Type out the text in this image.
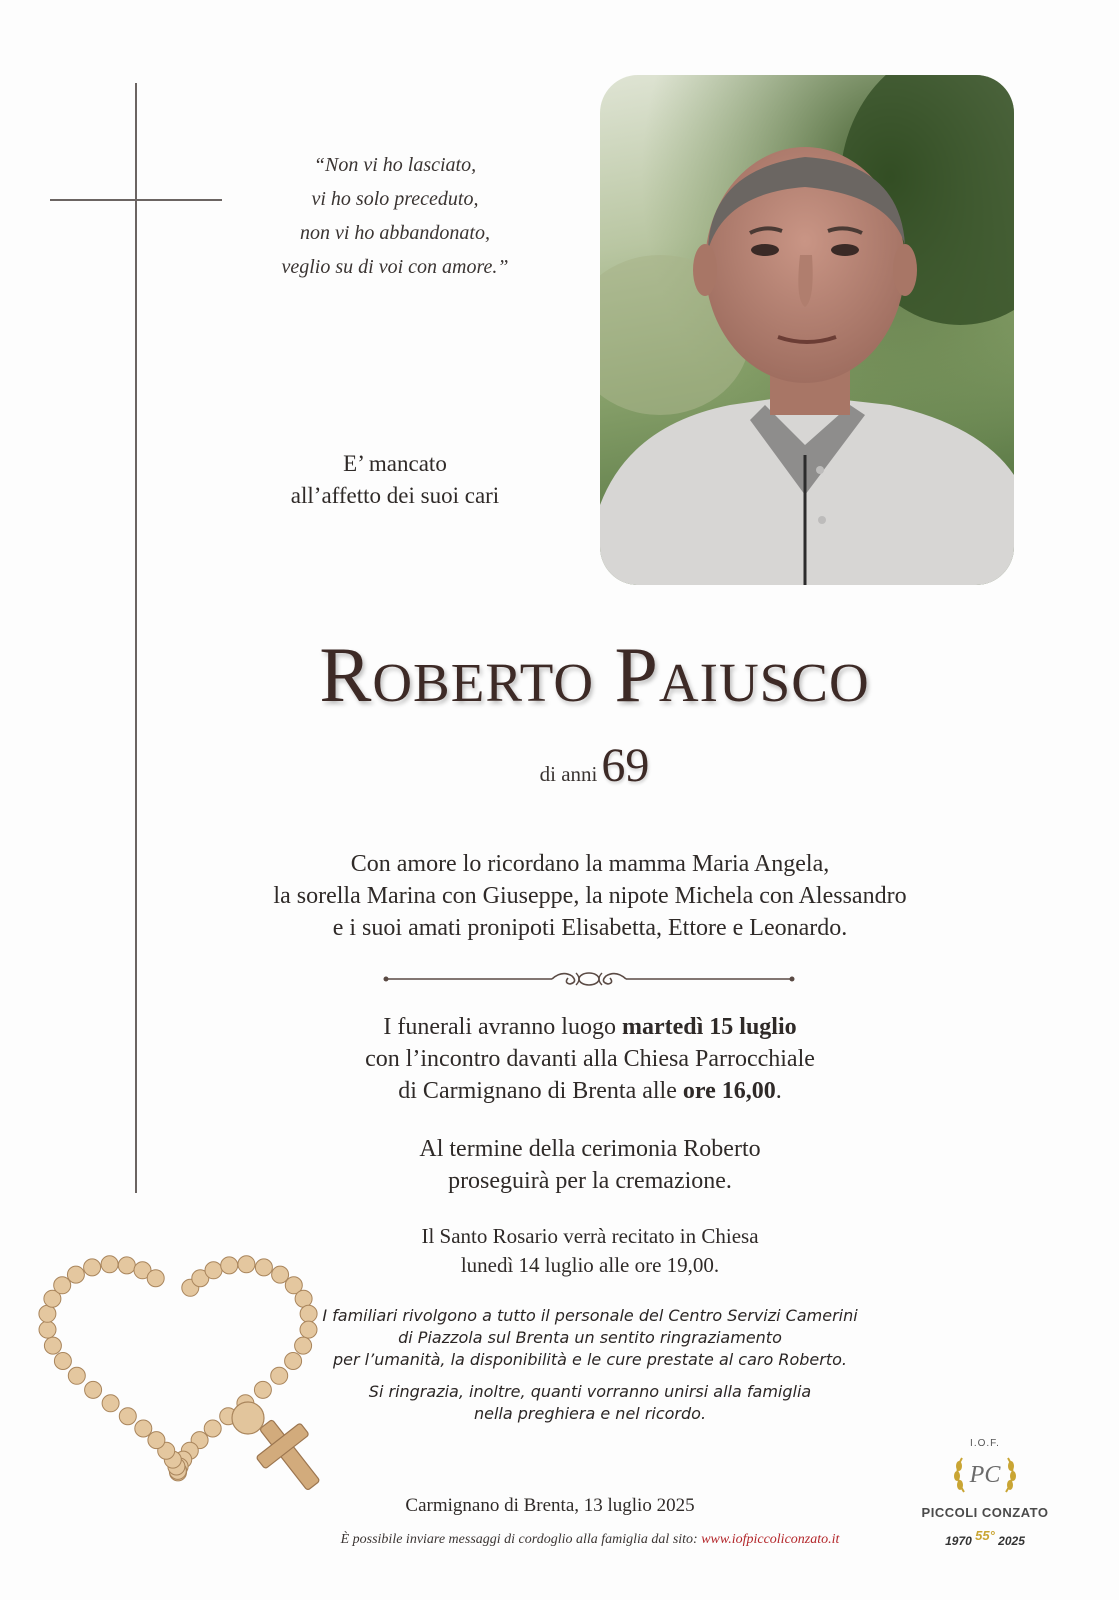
“Non vi ho lasciato,
vi ho solo preceduto,
non vi ho abbandonato,
veglio su di voi con amore.”
E’ mancato
all’affetto dei suoi cari
Roberto Paiusco
di anni 69
Con amore lo ricordano la mamma Maria Angela,
la sorella Marina con Giuseppe, la nipote Michela con Alessandro
e i suoi amati pronipoti Elisabetta, Ettore e Leonardo.
I funerali avranno luogo martedì 15 luglio
con l’incontro davanti alla Chiesa Parrocchiale
di Carmignano di Brenta alle ore 16,00.
Al termine della cerimonia Roberto
proseguirà per la cremazione.
Il Santo Rosario verrà recitato in Chiesa
lunedì 14 luglio alle ore 19,00.
I familiari rivolgono a tutto il personale del Centro Servizi Camerini
di Piazzola sul Brenta un sentito ringraziamento
per l’umanità, la disponibilità e le cure prestate al caro Roberto.
Si ringrazia, inoltre, quanti vorranno unirsi alla famiglia
nella preghiera e nel ricordo.
Carmignano di Brenta, 13 luglio 2025
È possibile inviare messaggi di cordoglio alla famiglia dal sito: www.iofpiccoliconzato.it
I.O.F.
PC
PICCOLI CONZATO
1970 $^{55^\circ}$ 2025
